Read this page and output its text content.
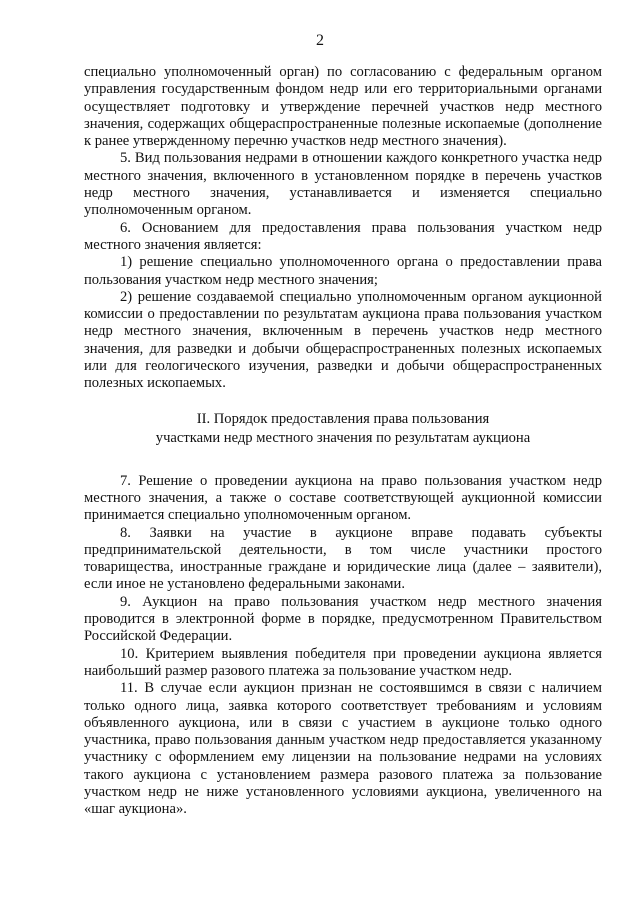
2

специально уполномоченный орган) по согласованию с федеральным органом управления государственным фондом недр или его территориальными органами осуществляет подготовку и утверждение перечней участков недр местного значения, содержащих общераспространенные полезные ископаемые (дополнение к ранее утвержденному перечню участков недр местного значения).

5. Вид пользования недрами в отношении каждого конкретного участка недр местного значения, включенного в установленном порядке в перечень участков недр местного значения, устанавливается и изменяется специально уполномоченным органом.

6. Основанием для предоставления права пользования участком недр местного значения является:

1) решение специально уполномоченного органа о предоставлении права пользования участком недр местного значения;

2) решение создаваемой специально уполномоченным органом аукционной комиссии о предоставлении по результатам аукциона права пользования участком недр местного значения, включенным в перечень участков недр местного значения, для разведки и добычи общераспространенных полезных ископаемых или для геологического изучения, разведки и добычи общераспространенных полезных ископаемых.

II. Порядок предоставления права пользования
участками недр местного значения по результатам аукциона

7. Решение о проведении аукциона на право пользования участком недр местного значения, а также о составе соответствующей аукционной комиссии принимается специально уполномоченным органом.

8. Заявки на участие в аукционе вправе подавать субъекты предпринимательской деятельности, в том числе участники простого товарищества, иностранные граждане и юридические лица (далее – заявители), если иное не установлено федеральными законами.

9. Аукцион на право пользования участком недр местного значения проводится в электронной форме в порядке, предусмотренном Правительством Российской Федерации.

10. Критерием выявления победителя при проведении аукциона является наибольший размер разового платежа за пользование участком недр.

11. В случае если аукцион признан не состоявшимся в связи с наличием только одного лица, заявка которого соответствует требованиям и условиям объявленного аукциона, или в связи с участием в аукционе только одного участника, право пользования данным участком недр предоставляется указанному участнику с оформлением ему лицензии на пользование недрами на условиях такого аукциона с установлением размера разового платежа за пользование участком недр не ниже установленного условиями аукциона, увеличенного на «шаг аукциона».
